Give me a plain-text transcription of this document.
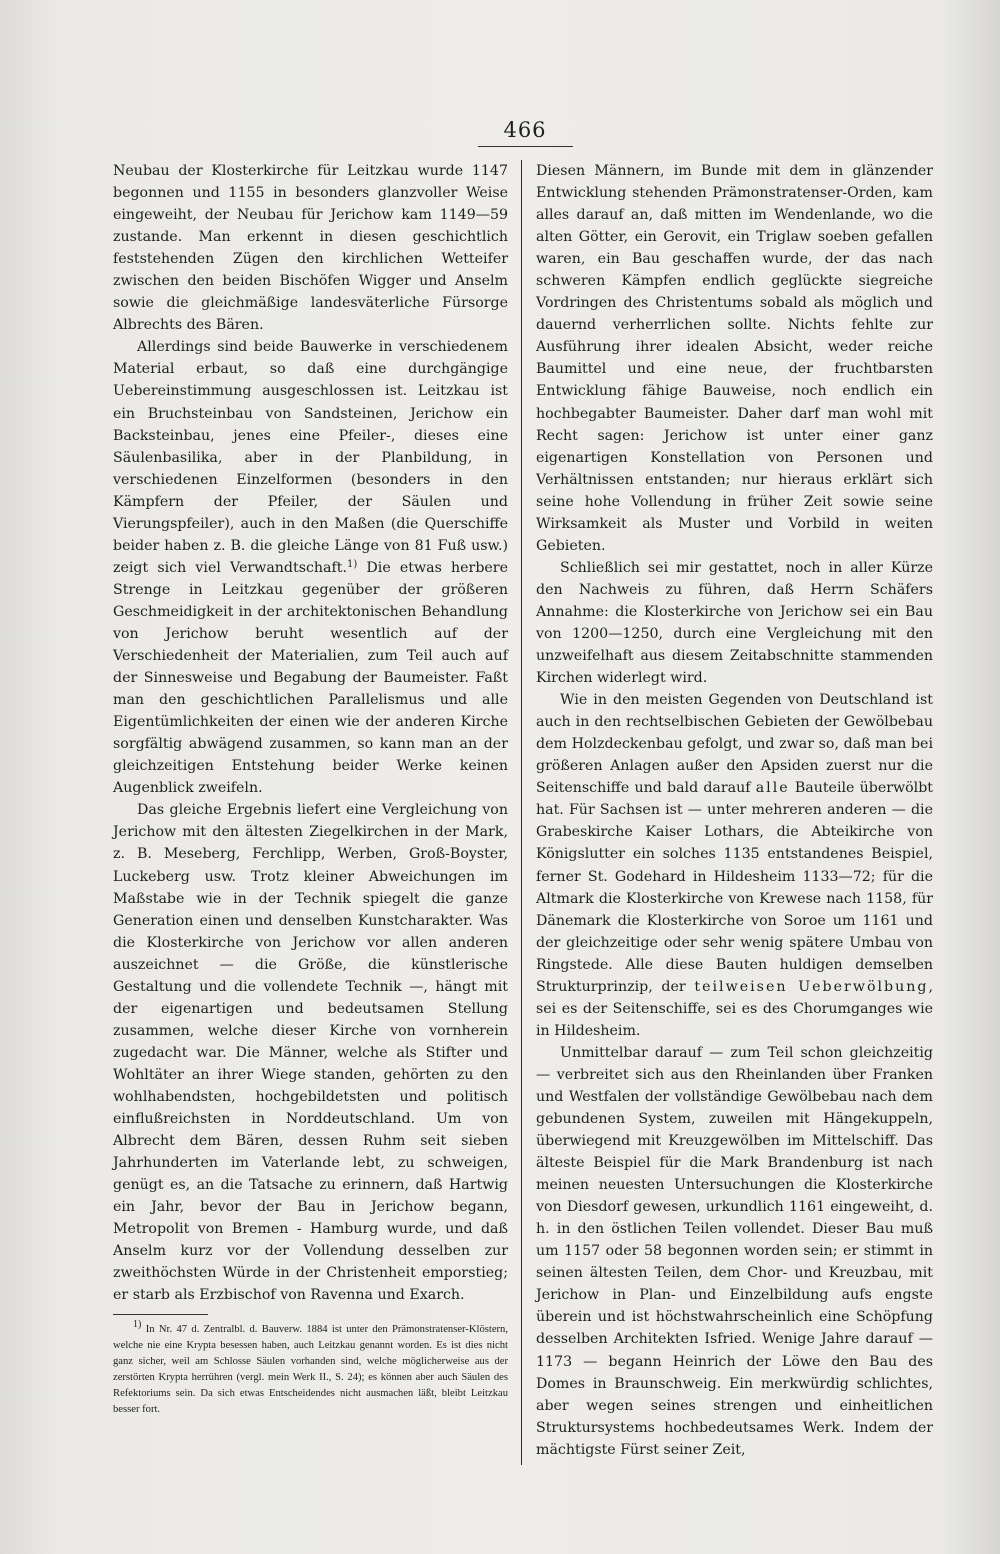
466

Neubau der Klosterkirche für Leitzkau wurde 1147 begonnen und 1155 in besonders glanzvoller Weise eingeweiht, der Neubau für Jerichow kam 1149—59 zustande. Man erkennt in diesen geschichtlich feststehenden Zügen den kirchlichen Wetteifer zwischen den beiden Bischöfen Wigger und Anselm sowie die gleichmäßige landesväterliche Fürsorge Albrechts des Bären.

Allerdings sind beide Bauwerke in verschiedenem Material erbaut, so daß eine durchgängige Uebereinstimmung ausgeschlossen ist. Leitzkau ist ein Bruchsteinbau von Sandsteinen, Jerichow ein Backsteinbau, jenes eine Pfeiler-, dieses eine Säulenbasilika, aber in der Planbildung, in verschiedenen Einzelformen (besonders in den Kämpfern der Pfeiler, der Säulen und Vierungspfeiler), auch in den Maßen (die Querschiffe beider haben z. B. die gleiche Länge von 81 Fuß usw.) zeigt sich viel Verwandtschaft.$^{1)}$ Die etwas herbere Strenge in Leitzkau gegenüber der größeren Geschmeidigkeit in der architektonischen Behandlung von Jerichow beruht wesentlich auf der Verschiedenheit der Materialien, zum Teil auch auf der Sinnesweise und Begabung der Baumeister. Faßt man den geschichtlichen Parallelismus und alle Eigentümlichkeiten der einen wie der anderen Kirche sorgfältig abwägend zusammen, so kann man an der gleichzeitigen Entstehung beider Werke keinen Augenblick zweifeln.

Das gleiche Ergebnis liefert eine Vergleichung von Jerichow mit den ältesten Ziegelkirchen in der Mark, z. B. Meseberg, Ferchlipp, Werben, Groß-Boyster, Luckeberg usw. Trotz kleiner Abweichungen im Maßstabe wie in der Technik spiegelt die ganze Generation einen und denselben Kunstcharakter. Was die Klosterkirche von Jerichow vor allen anderen auszeichnet — die Größe, die künstlerische Gestaltung und die vollendete Technik —, hängt mit der eigenartigen und bedeutsamen Stellung zusammen, welche dieser Kirche von vornherein zugedacht war. Die Männer, welche als Stifter und Wohltäter an ihrer Wiege standen, gehörten zu den wohlhabendsten, hochgebildetsten und politisch einflußreichsten in Norddeutschland. Um von Albrecht dem Bären, dessen Ruhm seit sieben Jahrhunderten im Vaterlande lebt, zu schweigen, genügt es, an die Tatsache zu erinnern, daß Hartwig ein Jahr, bevor der Bau in Jerichow begann, Metropolit von Bremen - Hamburg wurde, und daß Anselm kurz vor der Vollendung desselben zur zweithöchsten Würde in der Christenheit emporstieg; er starb als Erzbischof von Ravenna und Exarch.

Diesen Männern, im Bunde mit dem in glänzender Entwicklung stehenden Prämonstratenser-Orden, kam alles darauf an, daß mitten im Wendenlande, wo die alten Götter, ein Gerovit, ein Triglaw soeben gefallen waren, ein Bau geschaffen wurde, der das nach schweren Kämpfen endlich geglückte siegreiche Vordringen des Christentums sobald als möglich und dauernd verherrlichen sollte. Nichts fehlte zur Ausführung ihrer idealen Absicht, weder reiche Baumittel und eine neue, der fruchtbarsten Entwicklung fähige Bauweise, noch endlich ein hochbegabter Baumeister. Daher darf man wohl mit Recht sagen: Jerichow ist unter einer ganz eigenartigen Konstellation von Personen und Verhältnissen entstanden; nur hieraus erklärt sich seine hohe Vollendung in früher Zeit sowie seine Wirksamkeit als Muster und Vorbild in weiten Gebieten.

Schließlich sei mir gestattet, noch in aller Kürze den Nachweis zu führen, daß Herrn Schäfers Annahme: die Klosterkirche von Jerichow sei ein Bau von 1200—1250, durch eine Vergleichung mit den unzweifelhaft aus diesem Zeitabschnitte stammenden Kirchen widerlegt wird.

Wie in den meisten Gegenden von Deutschland ist auch in den rechtselbischen Gebieten der Gewölbebau dem Holzdeckenbau gefolgt, und zwar so, daß man bei größeren Anlagen außer den Apsiden zuerst nur die Seitenschiffe und bald darauf alle Bauteile überwölbt hat. Für Sachsen ist — unter mehreren anderen — die Grabeskirche Kaiser Lothars, die Abteikirche von Königslutter ein solches 1135 entstandenes Beispiel, ferner St. Godehard in Hildesheim 1133—72; für die Altmark die Klosterkirche von Krewese nach 1158, für Dänemark die Klosterkirche von Soroe um 1161 und der gleichzeitige oder sehr wenig spätere Umbau von Ringstede. Alle diese Bauten huldigen demselben Strukturprinzip, der teilweisen Ueberwölbung, sei es der Seitenschiffe, sei es des Chorumganges wie in Hildesheim.

Unmittelbar darauf — zum Teil schon gleichzeitig — verbreitet sich aus den Rheinlanden über Franken und Westfalen der vollständige Gewölbebau nach dem gebundenen System, zuweilen mit Hängekuppeln, überwiegend mit Kreuzgewölben im Mittelschiff. Das älteste Beispiel für die Mark Brandenburg ist nach meinen neuesten Untersuchungen die Klosterkirche von Diesdorf gewesen, urkundlich 1161 eingeweiht, d. h. in den östlichen Teilen vollendet. Dieser Bau muß um 1157 oder 58 begonnen worden sein; er stimmt in seinen ältesten Teilen, dem Chor- und Kreuzbau, mit Jerichow in Plan- und Einzelbildung aufs engste überein und ist höchstwahrscheinlich eine Schöpfung desselben Architekten Isfried. Wenige Jahre darauf — 1173 — begann Heinrich der Löwe den Bau des Domes in Braunschweig. Ein merkwürdig schlichtes, aber wegen seines strengen und einheitlichen Struktursystems hochbedeutsames Werk. Indem der mächtigste Fürst seiner Zeit,

$^{1)}$ In Nr. 47 d. Zentralbl. d. Bauverw. 1884 ist unter den Prämonstratenser-Klöstern, welche nie eine Krypta besessen haben, auch Leitzkau genannt worden. Es ist dies nicht ganz sicher, weil am Schlosse Säulen vorhanden sind, welche möglicherweise aus der zerstörten Krypta herrühren (vergl. mein Werk II., S. 24); es können aber auch Säulen des Refektoriums sein. Da sich etwas Entscheidendes nicht ausmachen läßt, bleibt Leitzkau besser fort.
